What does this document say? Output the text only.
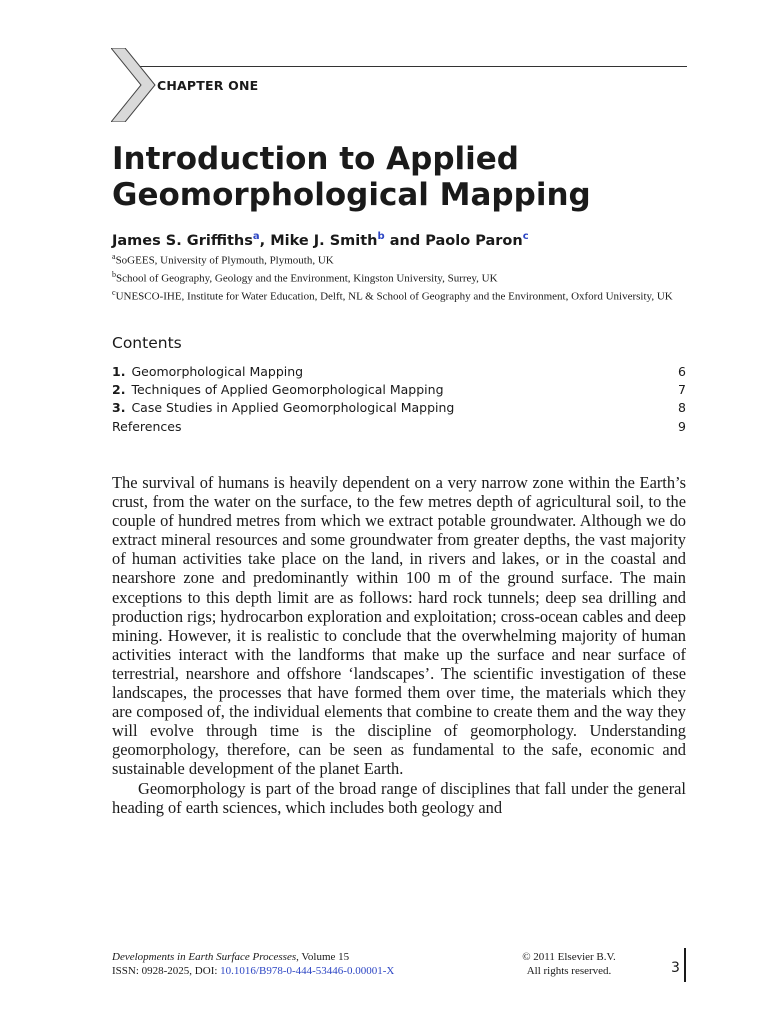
CHAPTER ONE
Introduction to Applied
Geomorphological Mapping
James S. Griffiths$^a$, Mike J. Smith$^b$ and Paolo Paron$^c$
$^a$SoGEES, University of Plymouth, Plymouth, UK
$^b$School of Geography, Geology and the Environment, Kingston University, Surrey, UK
$^c$UNESCO-IHE, Institute for Water Education, Delft, NL & School of Geography and the Environment, Oxford University, UK
Contents
1. Geomorphological Mapping	6
2. Techniques of Applied Geomorphological Mapping	7
3. Case Studies in Applied Geomorphological Mapping	8
References	9

The survival of humans is heavily dependent on a very narrow zone within the Earth’s crust, from the water on the surface, to the few metres depth of agricultural soil, to the couple of hundred metres from which we extract potable groundwater. Although we do extract mineral resources and some groundwater from greater depths, the vast majority of human activities take place on the land, in rivers and lakes, or in the coastal and nearshore zone and predominantly within 100 m of the ground surface. The main exceptions to this depth limit are as follows: hard rock tunnels; deep sea drilling and production rigs; hydrocarbon exploration and exploitation; cross-ocean cables and deep mining. However, it is realistic to conclude that the overwhelming majority of human activities interact with the landforms that make up the surface and near surface of terrestrial, nearshore and offshore ‘landscapes’. The scientific investigation of these landscapes, the processes that have formed them over time, the materials which they are composed of, the individual elements that combine to create them and the way they will evolve through time is the discipline of geomorphology. Understanding geomorphology, therefore, can be seen as fundamental to the safe, economic and sustainable development of the planet Earth.

Geomorphology is part of the broad range of disciplines that fall under the general heading of earth sciences, which includes both geology and

Developments in Earth Surface Processes, Volume 15
ISSN: 0928-2025, DOI: 10.1016/B978-0-444-53446-0.00001-X
© 2011 Elsevier B.V.
All rights reserved.	3
